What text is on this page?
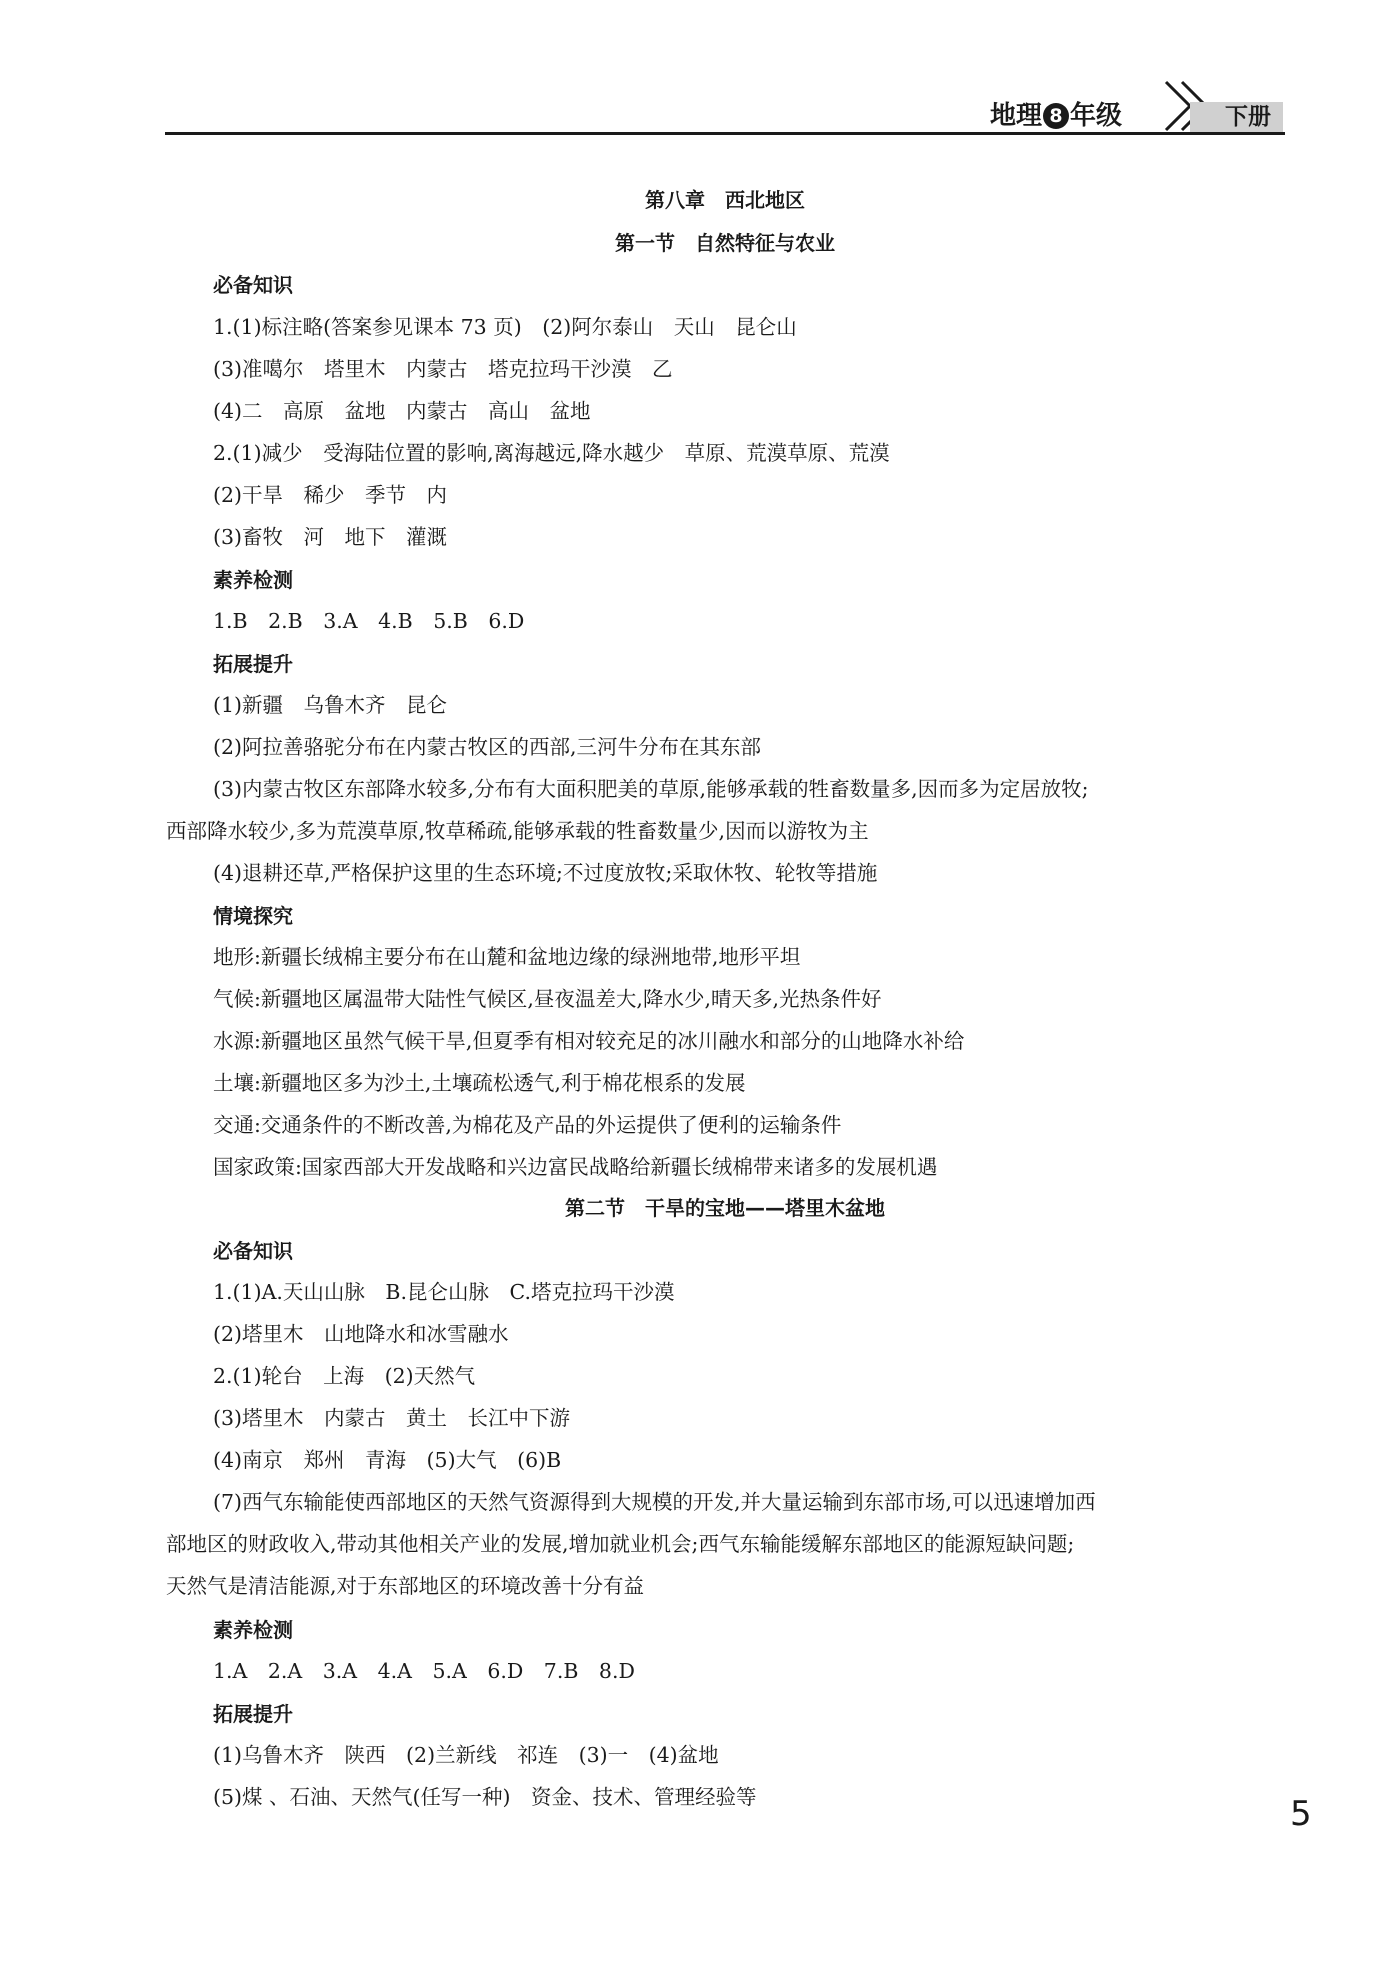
地理 8 年级	下册
第八章　西北地区
第一节　自然特征与农业
必备知识
1.(1)标注略(答案参见课本 73 页)　(2)阿尔泰山　天山　昆仑山
(3)准噶尔　塔里木　内蒙古　塔克拉玛干沙漠　乙
(4)二　高原　盆地　内蒙古　高山　盆地
2.(1)减少　受海陆位置的影响,离海越远,降水越少　草原、荒漠草原、荒漠
(2)干旱　稀少　季节　内
(3)畜牧　河　地下　灌溉
素养检测
1.B　2.B　3.A　4.B　5.B　6.D
拓展提升
(1)新疆　乌鲁木齐　昆仑
(2)阿拉善骆驼分布在内蒙古牧区的西部,三河牛分布在其东部
(3)内蒙古牧区东部降水较多,分布有大面积肥美的草原,能够承载的牲畜数量多,因而多为定居放牧;
西部降水较少,多为荒漠草原,牧草稀疏,能够承载的牲畜数量少,因而以游牧为主
(4)退耕还草,严格保护这里的生态环境;不过度放牧;采取休牧、轮牧等措施
情境探究
地形:新疆长绒棉主要分布在山麓和盆地边缘的绿洲地带,地形平坦
气候:新疆地区属温带大陆性气候区,昼夜温差大,降水少,晴天多,光热条件好
水源:新疆地区虽然气候干旱,但夏季有相对较充足的冰川融水和部分的山地降水补给
土壤:新疆地区多为沙土,土壤疏松透气,利于棉花根系的发展
交通:交通条件的不断改善,为棉花及产品的外运提供了便利的运输条件
国家政策:国家西部大开发战略和兴边富民战略给新疆长绒棉带来诸多的发展机遇
第二节　干旱的宝地——塔里木盆地
必备知识
1.(1)A.天山山脉　B.昆仑山脉　C.塔克拉玛干沙漠
(2)塔里木　山地降水和冰雪融水
2.(1)轮台　上海　(2)天然气
(3)塔里木　内蒙古　黄土　长江中下游
(4)南京　郑州　青海　(5)大气　(6)B
(7)西气东输能使西部地区的天然气资源得到大规模的开发,并大量运输到东部市场,可以迅速增加西
部地区的财政收入,带动其他相关产业的发展,增加就业机会;西气东输能缓解东部地区的能源短缺问题;
天然气是清洁能源,对于东部地区的环境改善十分有益
素养检测
1.A　2.A　3.A　4.A　5.A　6.D　7.B　8.D
拓展提升
(1)乌鲁木齐　陕西　(2)兰新线　祁连　(3)一　(4)盆地
(5)煤 、石油、天然气(任写一种)　资金、技术、管理经验等	5
